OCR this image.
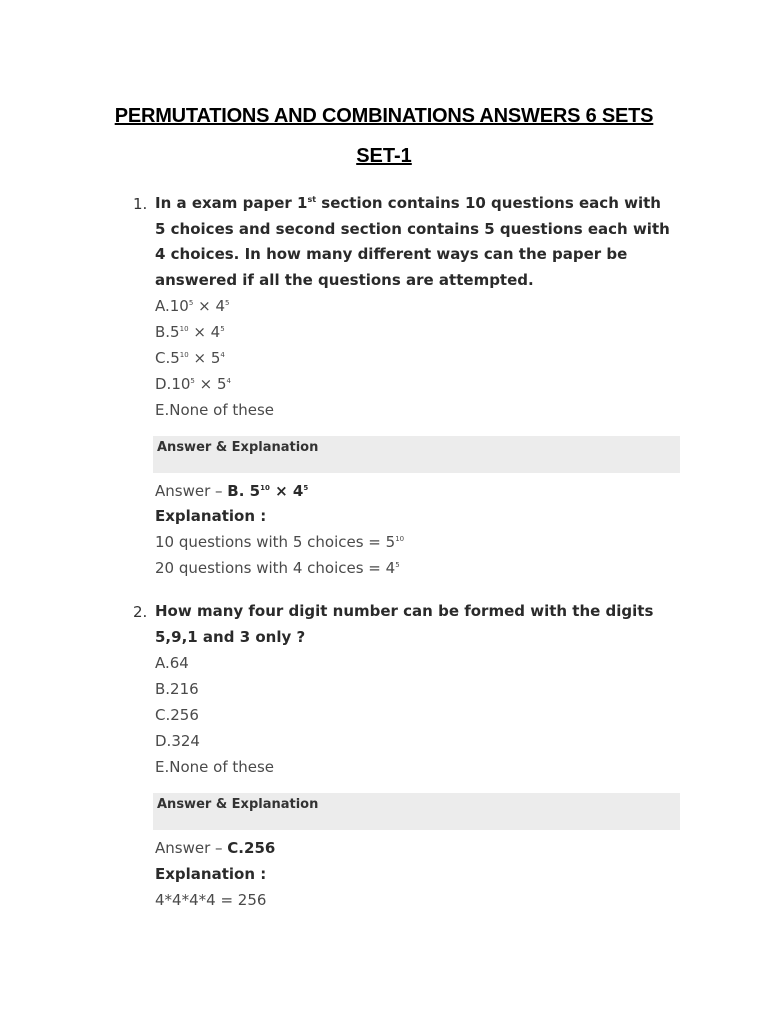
PERMUTATIONS AND COMBINATIONS ANSWERS 6 SETS
SET-1
1. In a exam paper 1st section contains 10 questions each with 5 choices and second section contains 5 questions each with 4 choices. In how many different ways can the paper be answered if all the questions are attempted.
$A.10^5 \times 4^5$
$B.5^{10} \times 4^5$
$C.5^{10} \times 5^4$
$D.10^5 \times 5^4$
E.None of these
Answer & Explanation
Answer – B. $5^{10} \times 4^5$
Explanation :
10 questions with 5 choices = $5^{10}$
20 questions with 4 choices = $4^5$
2. How many four digit number can be formed with the digits 5,9,1 and 3 only ?
A.64
B.216
C.256
D.324
E.None of these
Answer & Explanation
Answer – C.256
Explanation :
4*4*4*4 = 256
